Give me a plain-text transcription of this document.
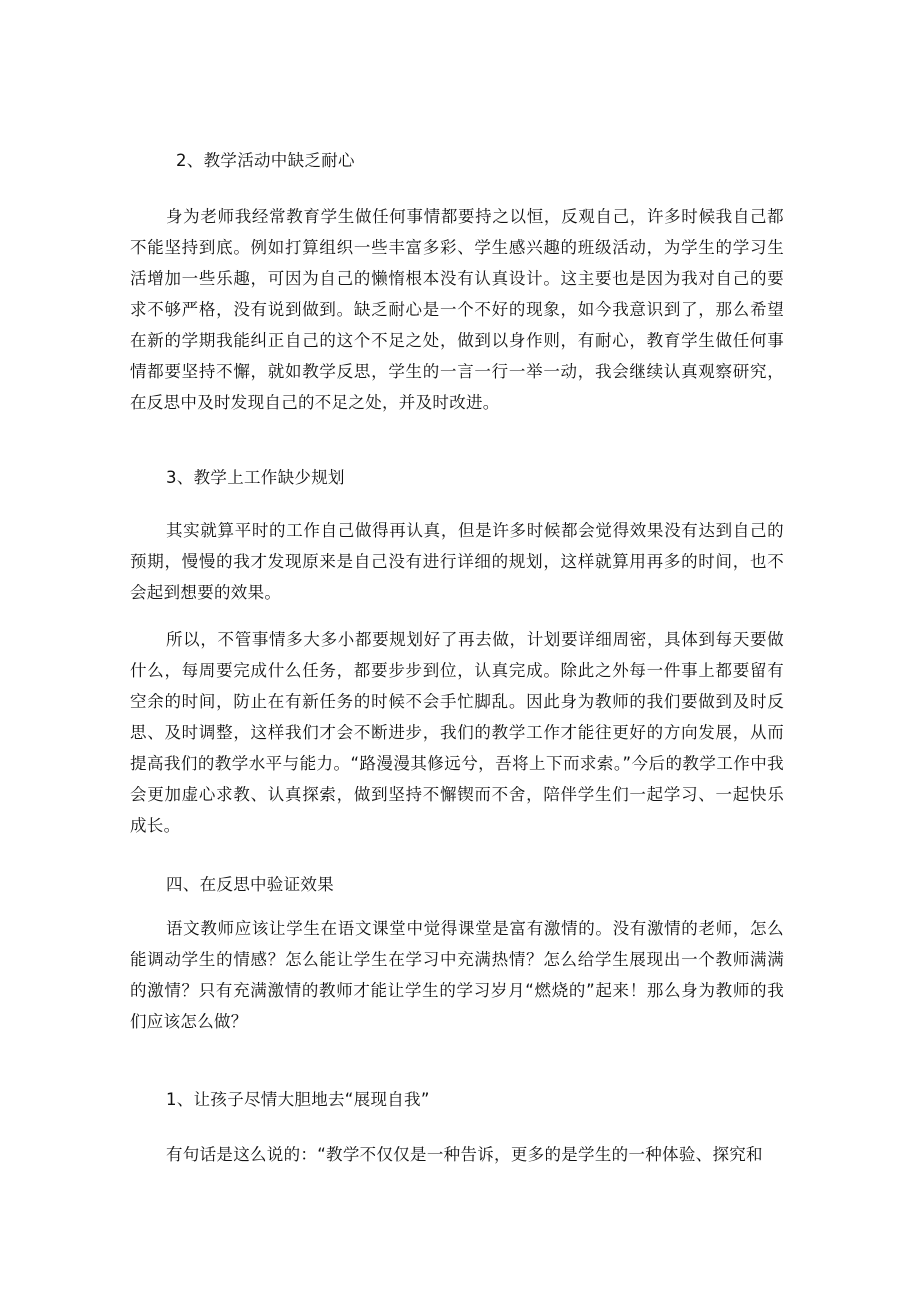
2、教学活动中缺乏耐心

身为老师我经常教育学生做任何事情都要持之以恒，反观自己，许多时候我自己都不能坚持到底。例如打算组织一些丰富多彩、学生感兴趣的班级活动，为学生的学习生活增加一些乐趣，可因为自己的懒惰根本没有认真设计。这主要也是因为我对自己的要求不够严格，没有说到做到。缺乏耐心是一个不好的现象，如今我意识到了，那么希望在新的学期我能纠正自己的这个不足之处，做到以身作则，有耐心，教育学生做任何事情都要坚持不懈，就如教学反思，学生的一言一行一举一动，我会继续认真观察研究，在反思中及时发现自己的不足之处，并及时改进。

3、教学上工作缺少规划

其实就算平时的工作自己做得再认真，但是许多时候都会觉得效果没有达到自己的预期，慢慢的我才发现原来是自己没有进行详细的规划，这样就算用再多的时间，也不会起到想要的效果。

所以，不管事情多大多小都要规划好了再去做，计划要详细周密，具体到每天要做什么，每周要完成什么任务，都要步步到位，认真完成。除此之外每一件事上都要留有空余的时间，防止在有新任务的时候不会手忙脚乱。因此身为教师的我们要做到及时反思、及时调整，这样我们才会不断进步，我们的教学工作才能往更好的方向发展，从而提高我们的教学水平与能力。“路漫漫其修远兮，吾将上下而求索。”今后的教学工作中我会更加虚心求教、认真探索，做到坚持不懈锲而不舍，陪伴学生们一起学习、一起快乐成长。

四、在反思中验证效果

语文教师应该让学生在语文课堂中觉得课堂是富有激情的。没有激情的老师，怎么能调动学生的情感？怎么能让学生在学习中充满热情？怎么给学生展现出一个教师满满的激情？只有充满激情的教师才能让学生的学习岁月“燃烧的”起来！那么身为教师的我们应该怎么做？

1、让孩子尽情大胆地去“展现自我”

有句话是这么说的：“教学不仅仅是一种告诉，更多的是学生的一种体验、探究和
